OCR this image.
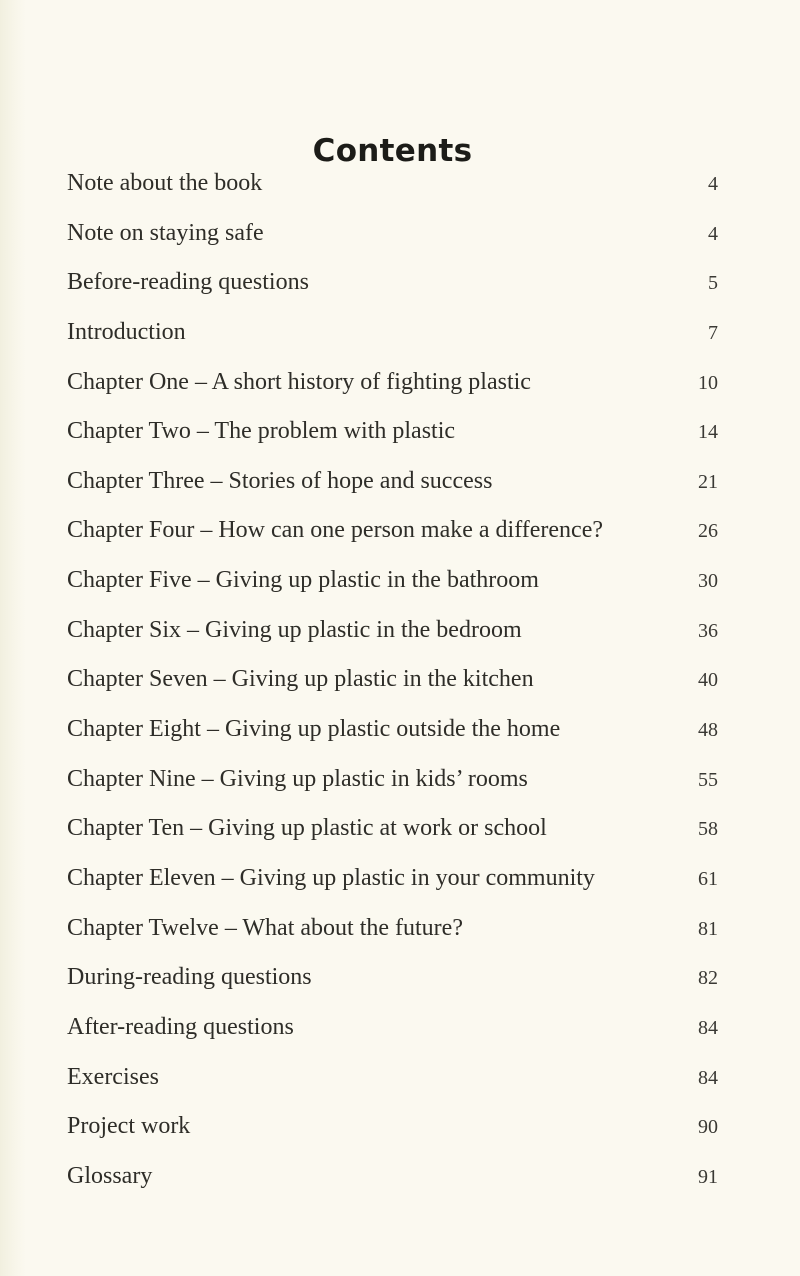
Contents
Note about the book	4
Note on staying safe	4
Before-reading questions	5
Introduction	7
Chapter One – A short history of fighting plastic	10
Chapter Two – The problem with plastic	14
Chapter Three – Stories of hope and success	21
Chapter Four – How can one person make a difference?	26
Chapter Five – Giving up plastic in the bathroom	30
Chapter Six – Giving up plastic in the bedroom	36
Chapter Seven – Giving up plastic in the kitchen	40
Chapter Eight – Giving up plastic outside the home	48
Chapter Nine – Giving up plastic in kids’ rooms	55
Chapter Ten – Giving up plastic at work or school	58
Chapter Eleven – Giving up plastic in your community	61
Chapter Twelve – What about the future?	81
During-reading questions	82
After-reading questions	84
Exercises	84
Project work	90
Glossary	91
